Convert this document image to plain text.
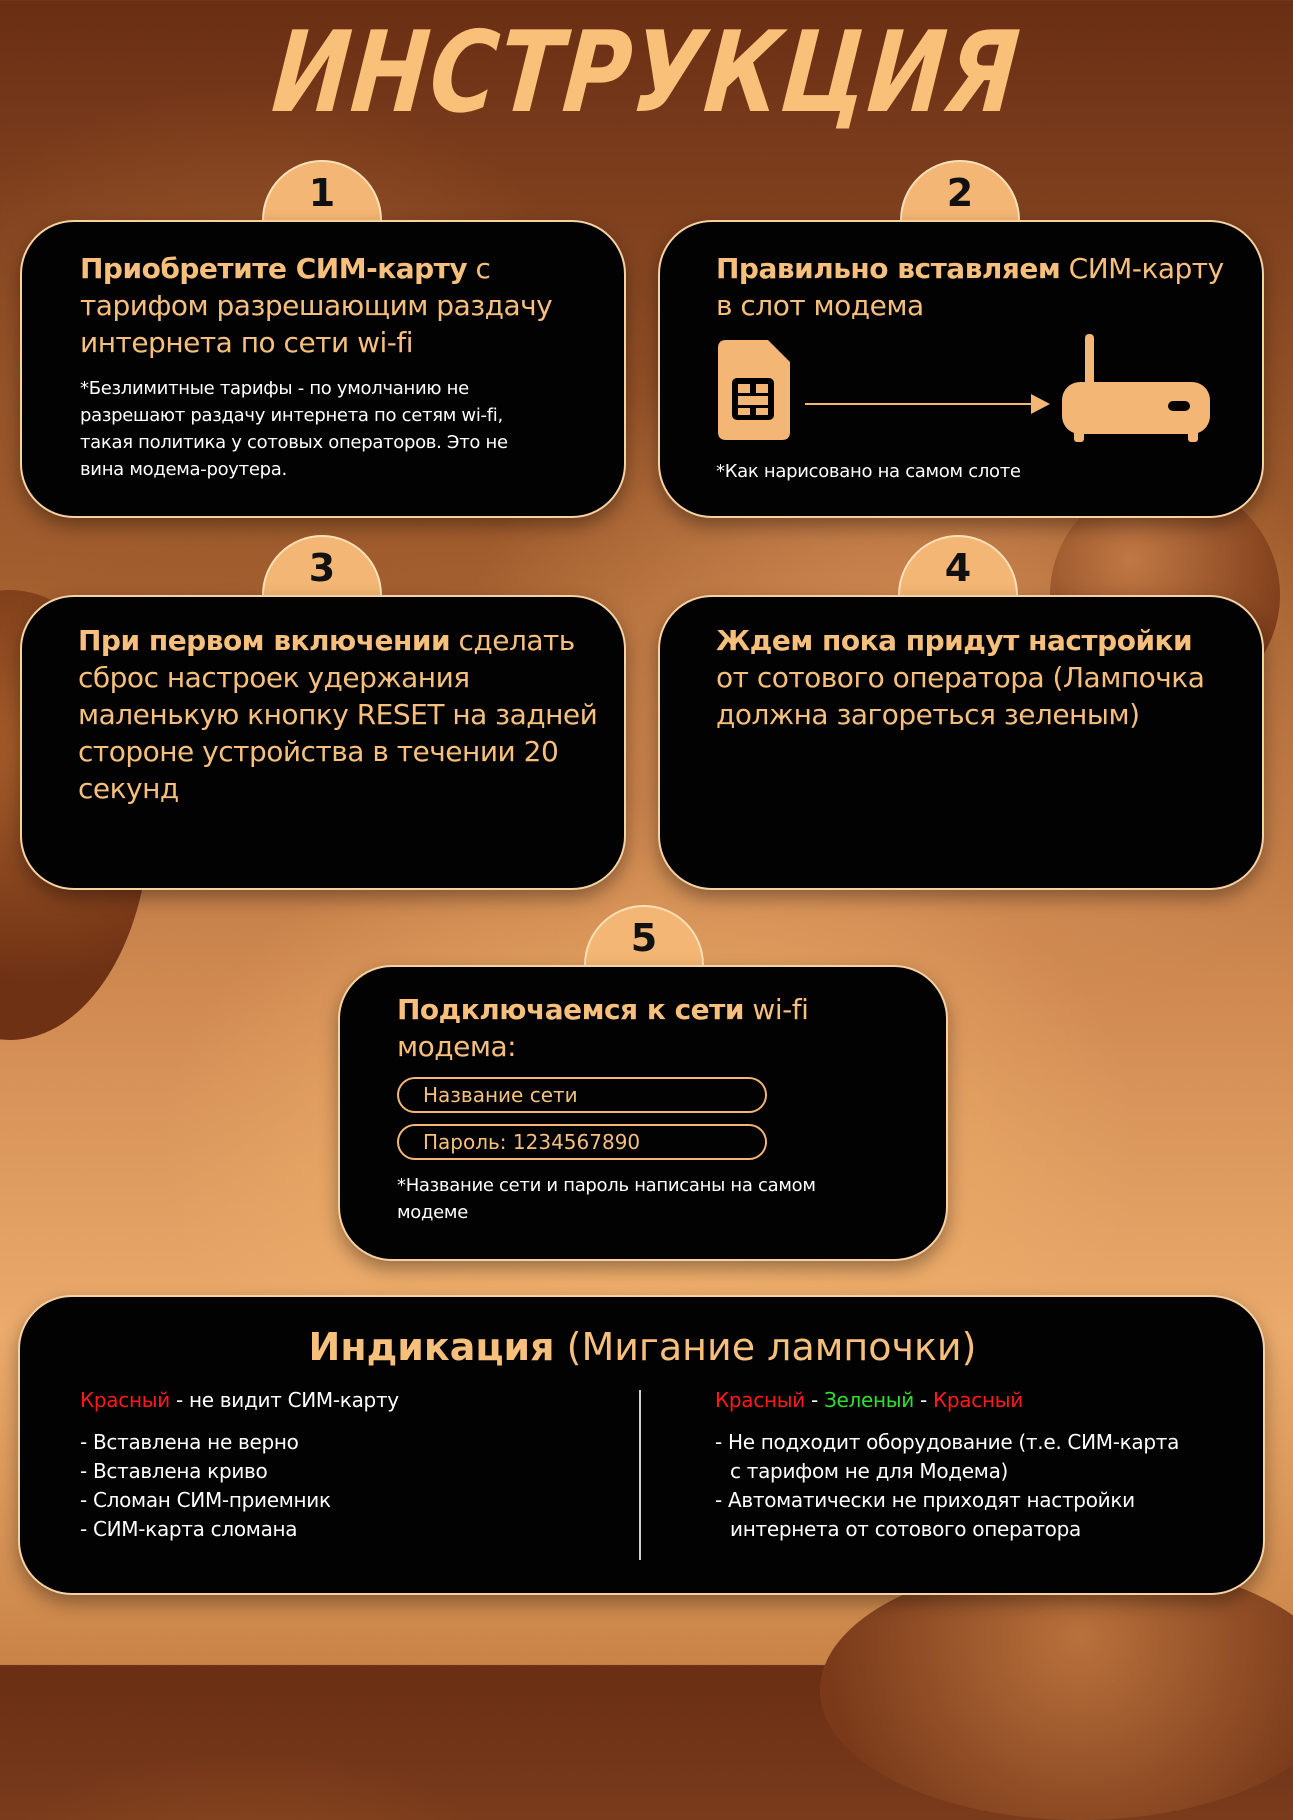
ИНСТРУКЦИЯ
1
Приобретите СИМ-карту с тарифом разрешающим раздачу интернета по сети wi-fi
*Безлимитные тарифы - по умолчанию не разрешают раздачу интернета по сетям wi-fi, такая политика у сотовых операторов. Это не вина модема-роутера.
2
Правильно вставляем СИМ-карту в слот модема
*Как нарисовано на самом слоте
3
При первом включении сделать сброс настроек удержания маленькую кнопку RESET на задней стороне устройства в течении 20 секунд
4
Ждем пока придут настройки от сотового оператора (Лампочка должна загореться зеленым)
5
Подключаемся к сети wi-fi модема:
Название сети
Пароль: 1234567890
*Название сети и пароль написаны на самом модеме
Индикация (Мигание лампочки)
Красный - не видит СИМ-карту
- Вставлена не верно
- Вставлена криво
- Сломан СИМ-приемник
- СИМ-карта сломана
Красный - Зеленый - Красный
- Не подходит оборудование (т.е. СИМ-карта
с тарифом не для Модема)
- Автоматически не приходят настройки
интернета от сотового оператора
